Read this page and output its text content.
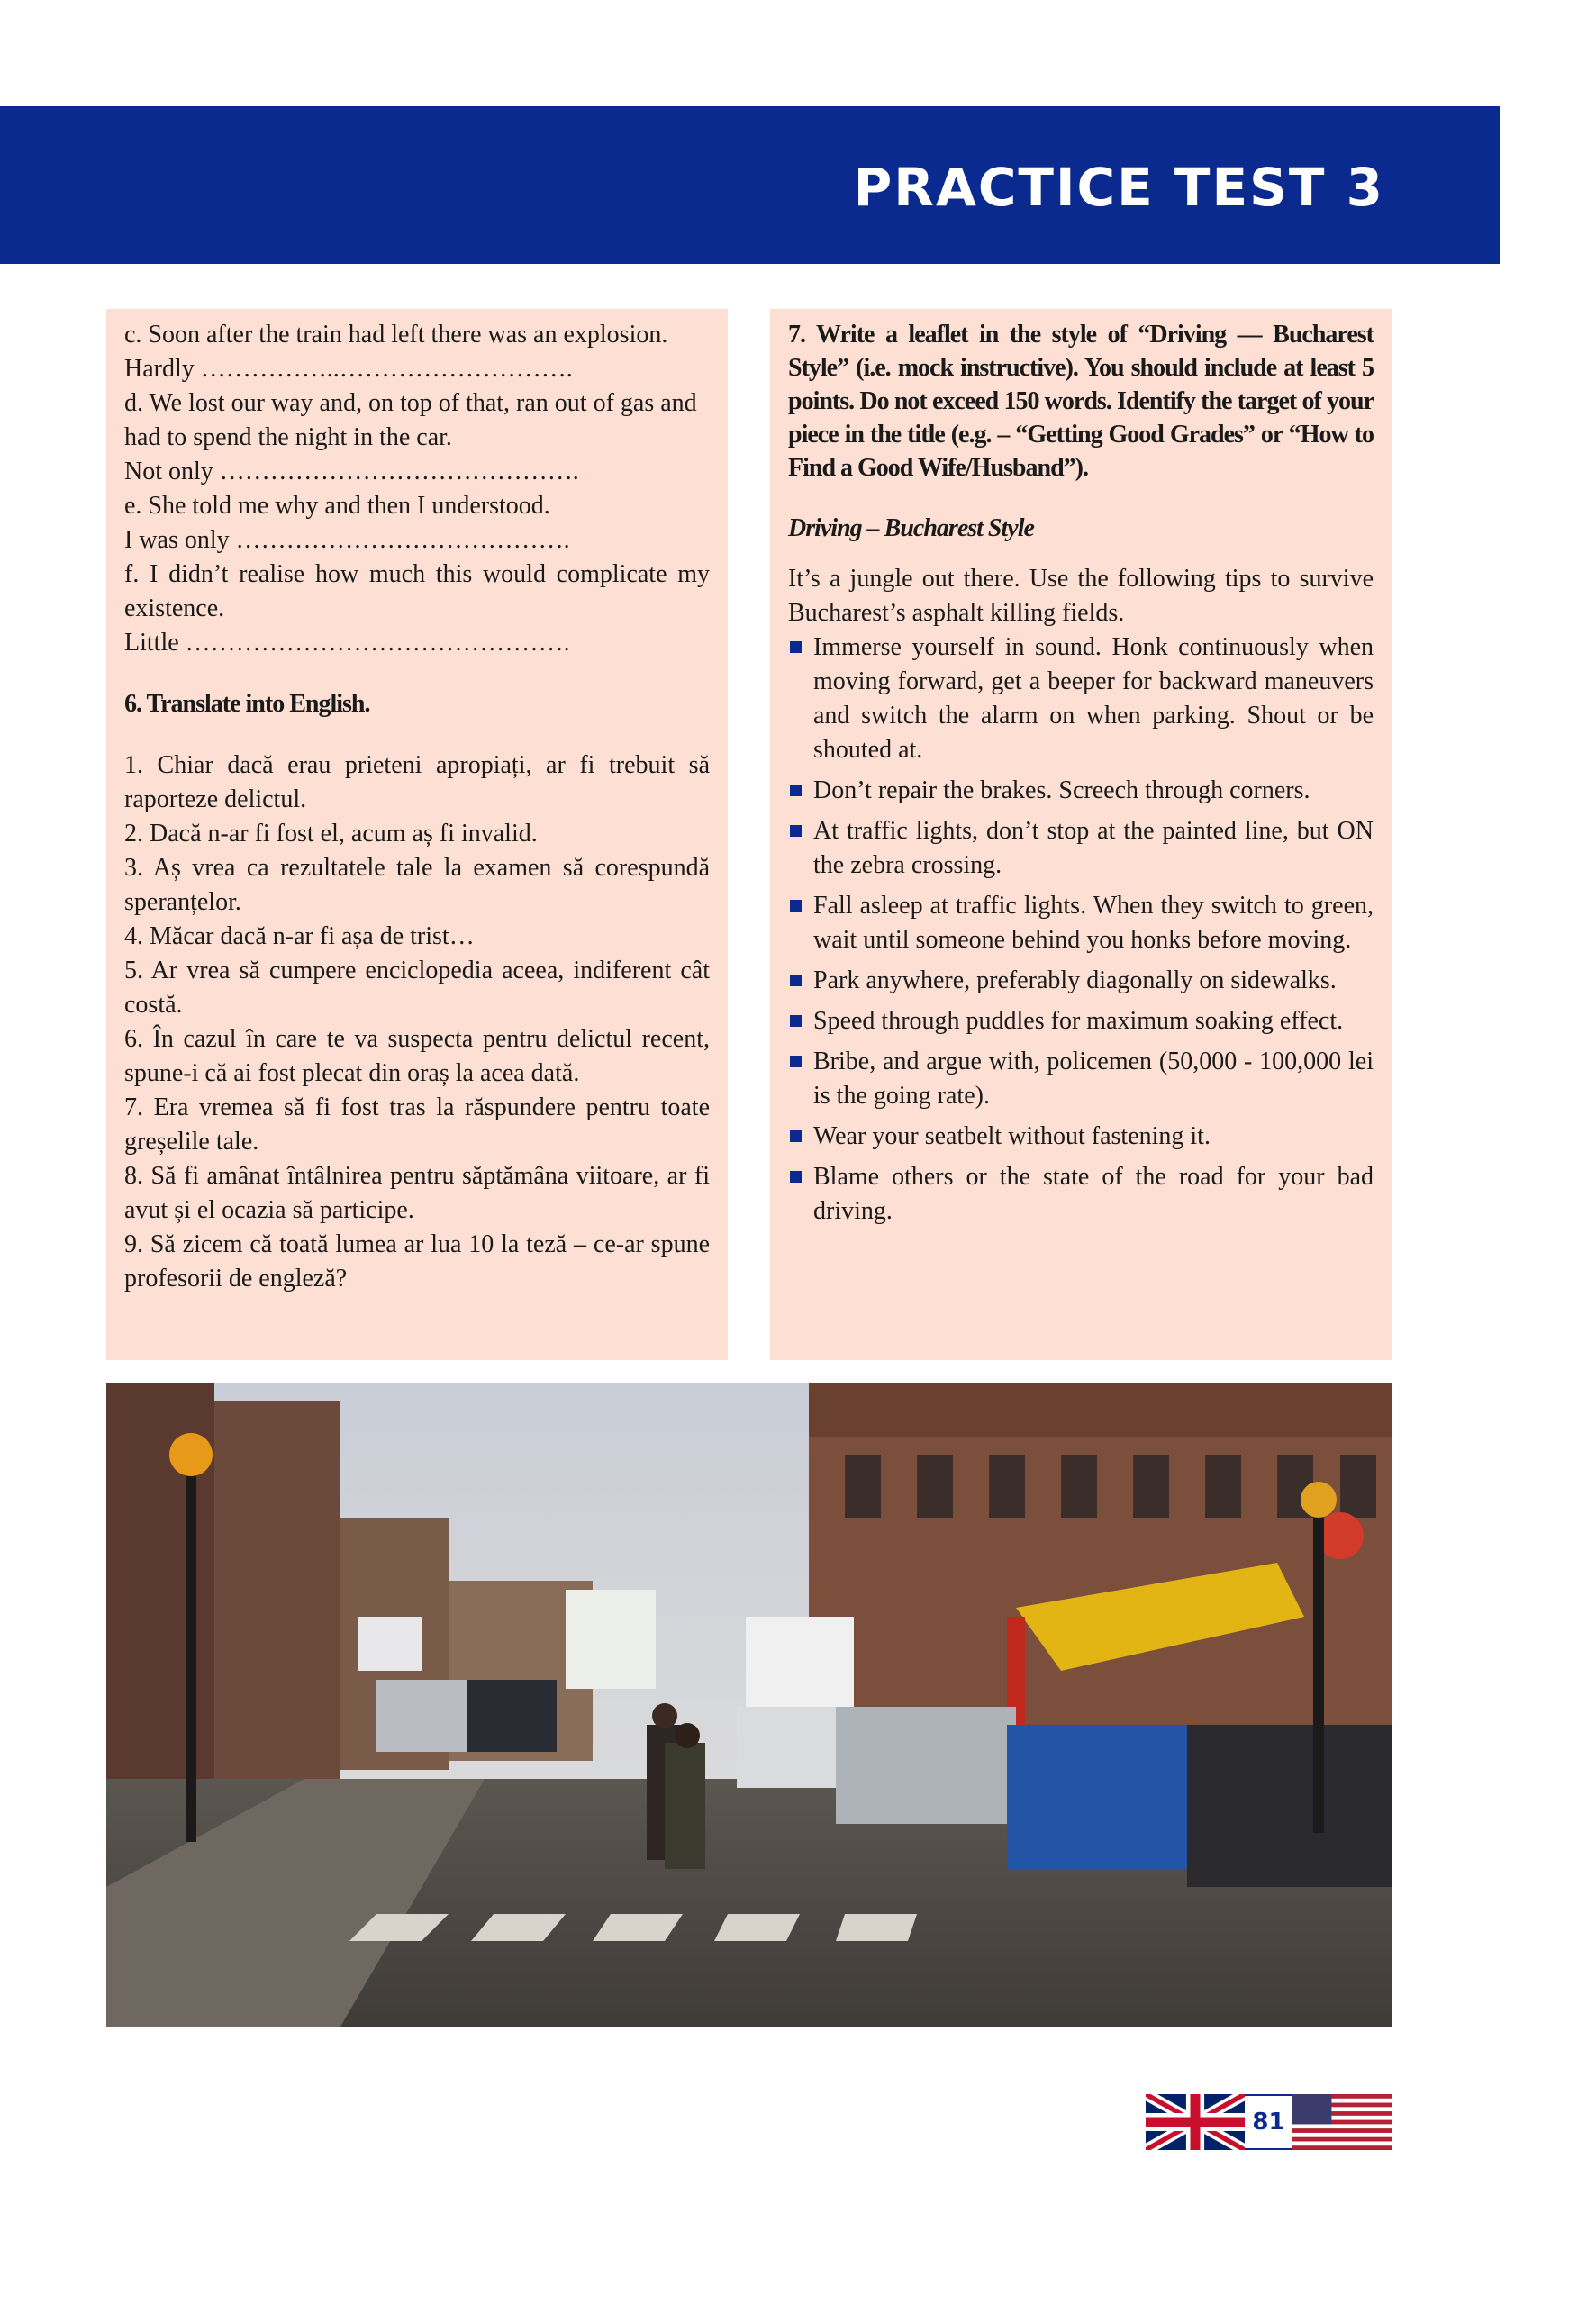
PRACTICE TEST 3

c. Soon after the train had left there was an explosion.

Hardly ……………..……………………….

d. We lost our way and, on top of that, ran out of gas and had to spend the night in the car.

Not only …………………………………….

e. She told me why and then I understood.

I was only ………………………………….

f. I didn’t realise how much this would complicate my existence.

Little ……………………………………….

6. Translate into English.

1. Chiar dacă erau prieteni apropiați, ar fi trebuit să raporteze delictul.

2. Dacă n-ar fi fost el, acum aș fi invalid.

3. Aș vrea ca rezultatele tale la examen să corespundă speranțelor.

4. Măcar dacă n-ar fi așa de trist…

5. Ar vrea să cumpere enciclopedia aceea, indiferent cât costă.

6. În cazul în care te va suspecta pentru delictul recent, spune-i că ai fost plecat din oraș la acea dată.

7. Era vremea să fi fost tras la răspundere pentru toate greșelile tale.

8. Să fi amânat întâlnirea pentru săptămâna viitoare, ar fi avut și el ocazia să participe.

9. Să zicem că toată lumea ar lua 10 la teză – ce-ar spune profesorii de engleză?

7. Write a leaflet in the style of “Driving — Bucharest Style” (i.e. mock instructive). You should include at least 5 points. Do not exceed 150 words. Identify the target of your piece in the title (e.g. – “Getting Good Grades” or “How to Find a Good Wife/Husband”).

Driving – Bucharest Style

It’s a jungle out there. Use the following tips to survive Bucharest’s asphalt killing fields.

Immerse yourself in sound. Honk continuously when moving forward, get a beeper for backward maneuvers and switch the alarm on when parking. Shout or be shouted at.
Don’t repair the brakes. Screech through corners.
At traffic lights, don’t stop at the painted line, but ON the zebra crossing.
Fall asleep at traffic lights. When they switch to green, wait until someone behind you honks before moving.
Park anywhere, preferably diagonally on sidewalks.
Speed through puddles for maximum soaking effect.
Bribe, and argue with, policemen (50,000 - 100,000 lei is the going rate).
Wear your seatbelt without fastening it.
Blame others or the state of the road for your bad driving.
81
